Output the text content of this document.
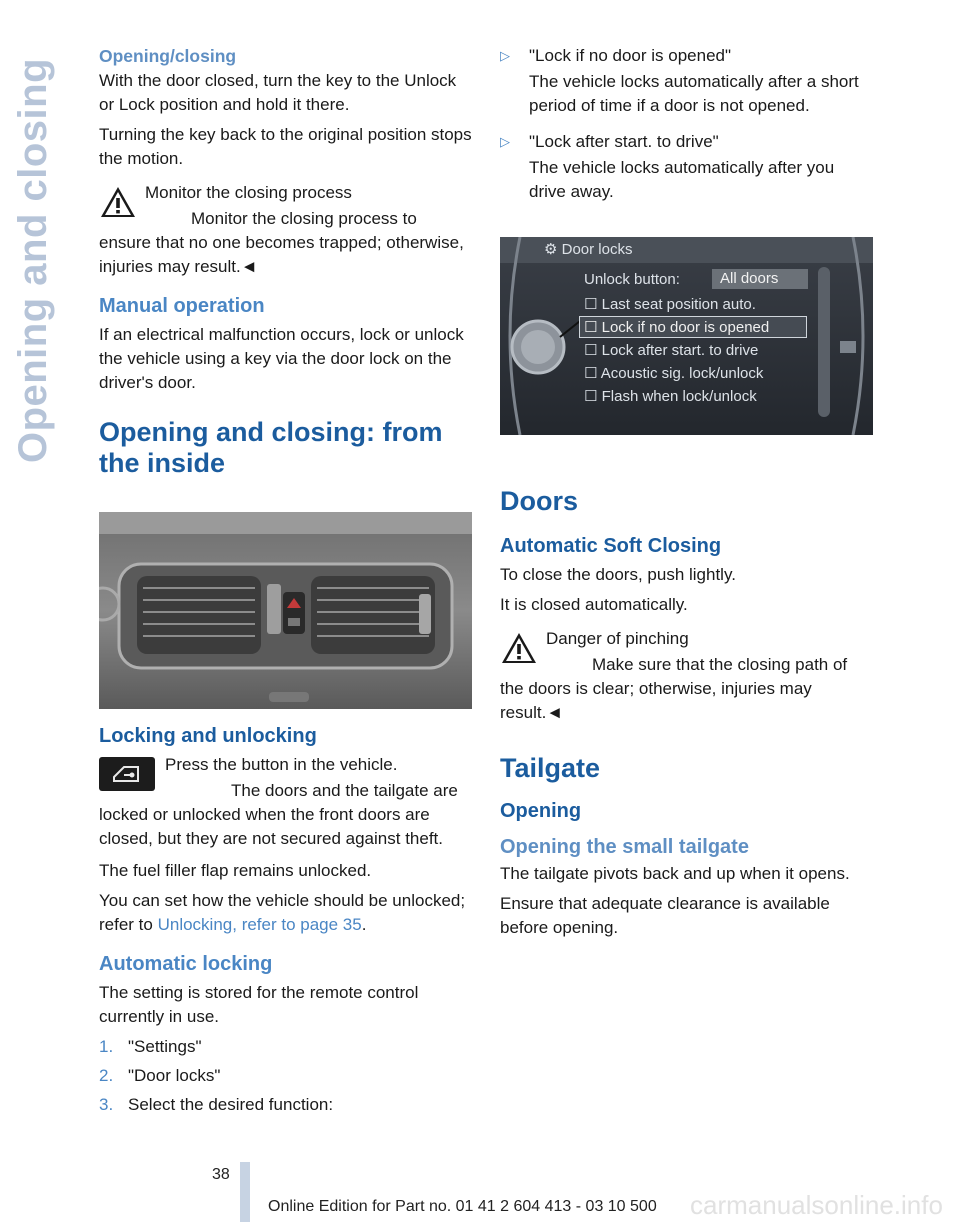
Opening and closing
Opening/closing

With the door closed, turn the key to the Unlock or Lock position and hold it there.

Turning the key back to the original position stops the motion.

Monitor the closing process

Monitor the closing process to ensure that no one becomes trapped; otherwise, injuries may result.◄

Manual operation

If an electrical malfunction occurs, lock or unlock the vehicle using a key via the door lock on the driver's door.

Opening and closing: from the inside
Locking and unlocking

Press the button in the vehicle.

The doors and the tailgate are locked or unlocked when the front doors are closed, but they are not secured against theft.

The fuel filler flap remains unlocked.

You can set how the vehicle should be unlocked; refer to Unlocking, refer to page 35.

Automatic locking

The setting is stored for the remote control currently in use.

1. "Settings"
2. "Door locks"
3. Select the desired function:
▷	"Lock if no door is opened"

The vehicle locks automatically after a short period of time if a door is not opened.

▷	"Lock after start. to drive"

The vehicle locks automatically after you drive away.

Doors
Automatic Soft Closing

To close the doors, push lightly.

It is closed automatically.

Danger of pinching

Make sure that the closing path of the doors is clear; otherwise, injuries may result.◄

Tailgate
Opening
Opening the small tailgate

The tailgate pivots back and up when it opens.

Ensure that adequate clearance is available before opening.

⚙ Door locks
Unlock button:	All doors
☐ Last seat position auto.
☐ Lock if no door is opened
☐ Lock after start. to drive
☐ Acoustic sig. lock/unlock
☐ Flash when lock/unlock
38
Online Edition for Part no. 01 41 2 604 413 - 03 10 500 carmanualsonline.info
